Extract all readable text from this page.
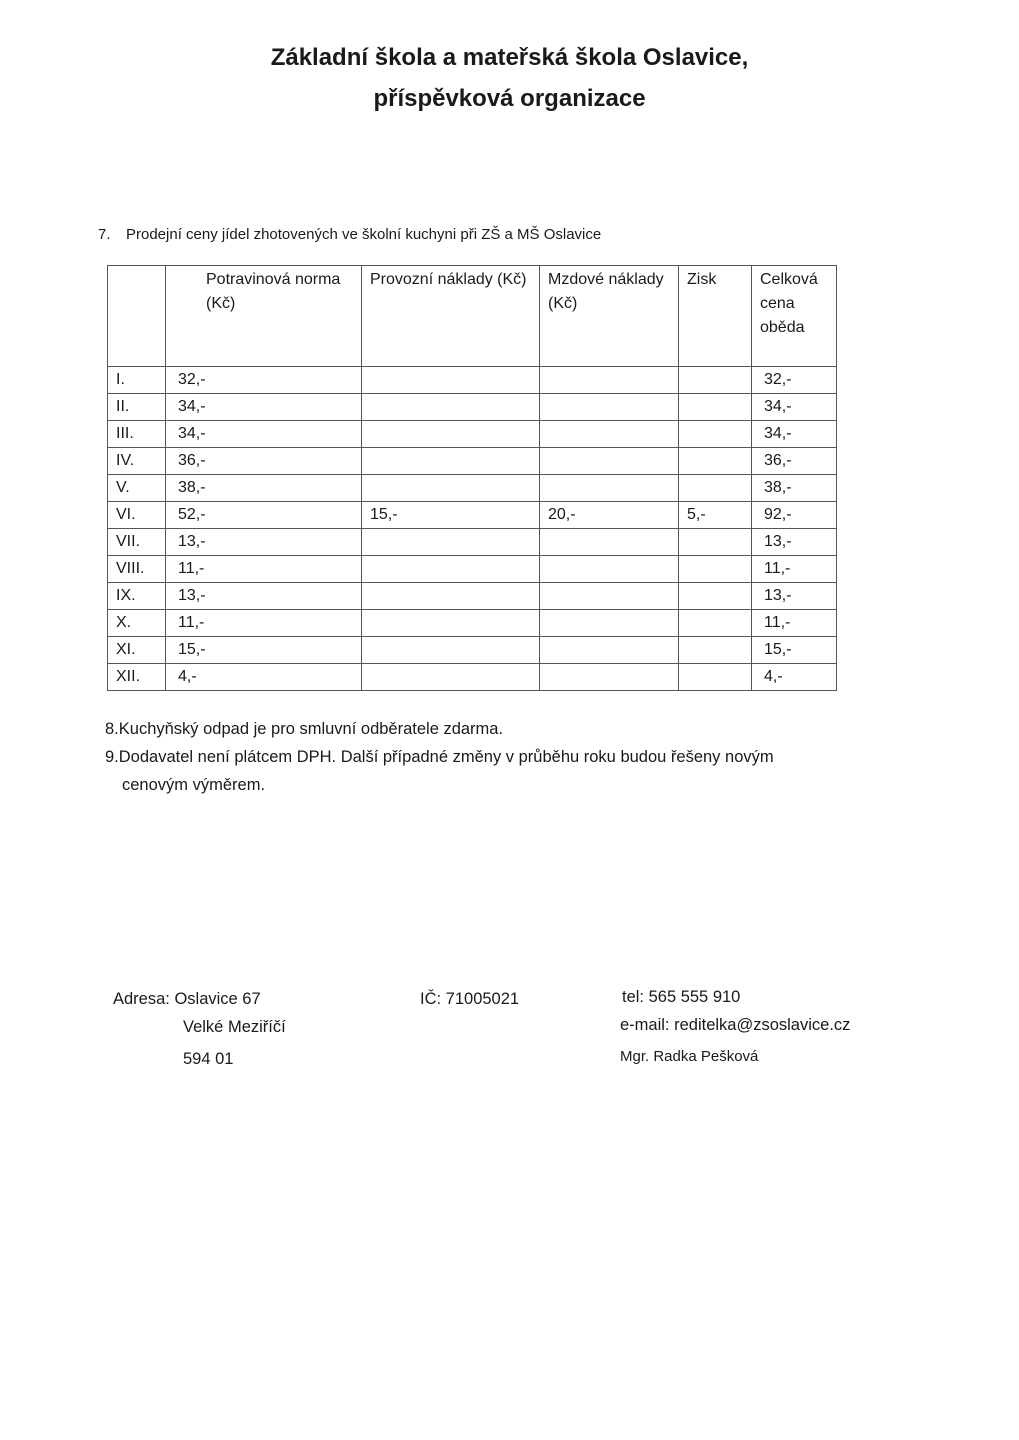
Základní škola a mateřská škola Oslavice,
příspěvková organizace
7. Prodejní ceny jídel zhotovených ve školní kuchyni při ZŠ a MŠ Oslavice
	Potravinová norma (Kč)	Provozní náklady (Kč)	Mzdové náklady (Kč)	Zisk	Celková cena oběda
I.	32,-				32,-
II.	34,-				34,-
III.	34,-				34,-
IV.	36,-				36,-
V.	38,-				38,-
VI.	52,-	15,-	20,-	5,-	92,-
VII.	13,-				13,-
VIII.	11,-				11,-
IX.	13,-				13,-
X.	11,-				11,-
XI.	15,-				15,-
XII.	4,-				4,-
8.Kuchyňský odpad je pro smluvní odběratele zdarma.
9.Dodavatel není plátcem DPH. Další případné změny v průběhu roku budou řešeny novým
cenovým výměrem.
Adresa: Oslavice 67
Velké Meziříčí
594 01
IČ: 71005021	tel: 565 555 910
e-mail: reditelka@zsoslavice.cz
Mgr. Radka Pešková
